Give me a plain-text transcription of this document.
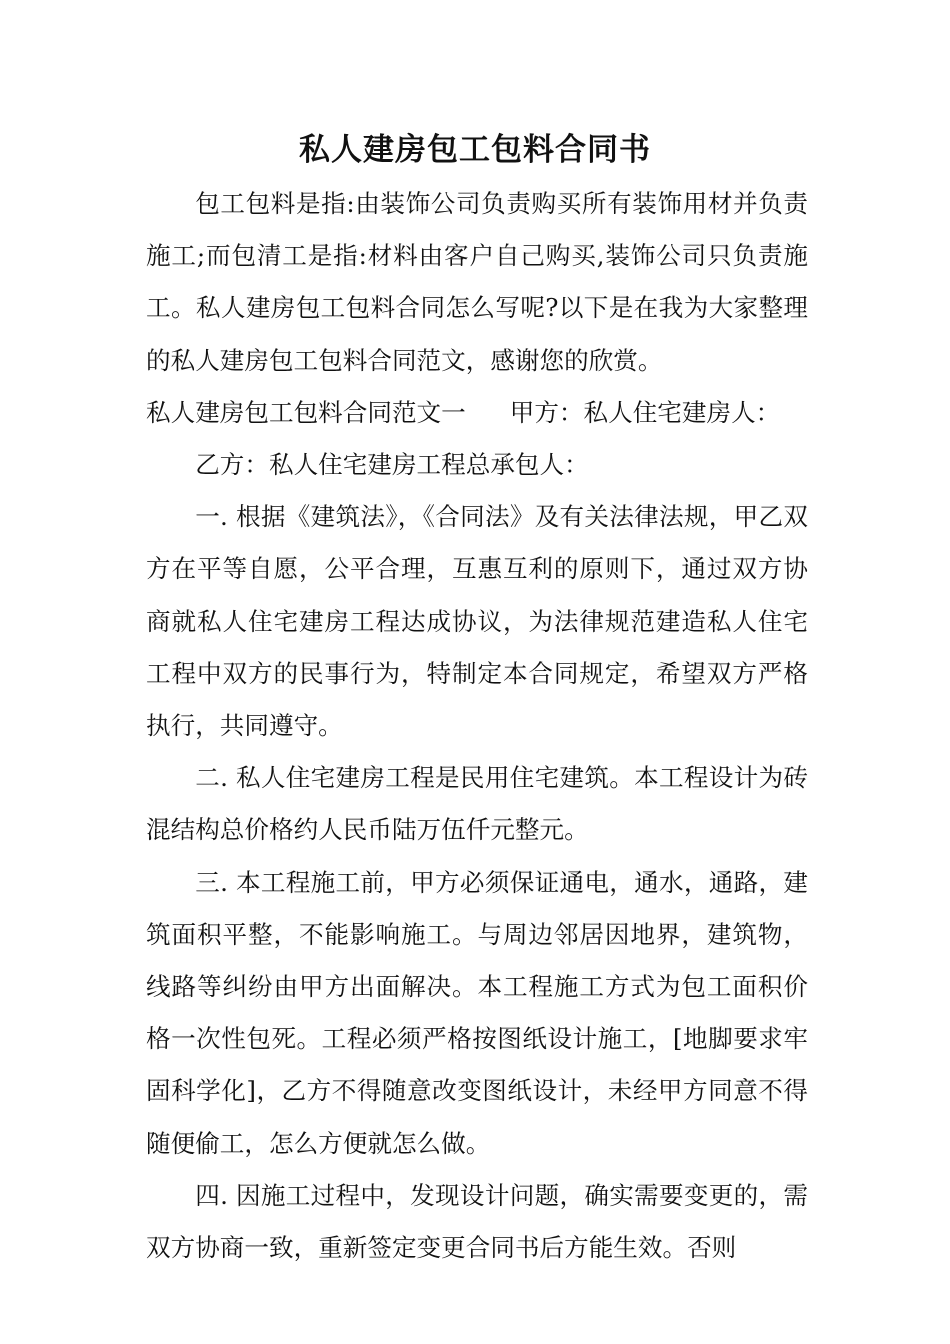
私人建房包工包料合同书

包工包料是指:由装饰公司负责购买所有装饰用材并负责施工;而包清工是指:材料由客户自己购买,装饰公司只负责施工。私人建房包工包料合同怎么写呢?以下是在我为大家整理的私人建房包工包料合同范文，感谢您的欣赏。

私人建房包工包料合同范文一 甲方：私人住宅建房人：

乙方：私人住宅建房工程总承包人：

一. 根据《建筑法》，《合同法》及有关法律法规，甲乙双方在平等自愿，公平合理，互惠互利的原则下，通过双方协商就私人住宅建房工程达成协议，为法律规范建造私人住宅工程中双方的民事行为，特制定本合同规定，希望双方严格执行，共同遵守。

二. 私人住宅建房工程是民用住宅建筑。本工程设计为砖混结构总价格约人民币陆万伍仟元整元。

三. 本工程施工前，甲方必须保证通电，通水，通路，建筑面积平整，不能影响施工。与周边邻居因地界，建筑物，线路等纠纷由甲方出面解决。本工程施工方式为包工面积价格一次性包死。工程必须严格按图纸设计施工，[地脚要求牢固科学化]，乙方不得随意改变图纸设计，未经甲方同意不得随便偷工，怎么方便就怎么做。

四. 因施工过程中，发现设计问题，确实需要变更的，需双方协商一致，重新签定变更合同书后方能生效。否则
